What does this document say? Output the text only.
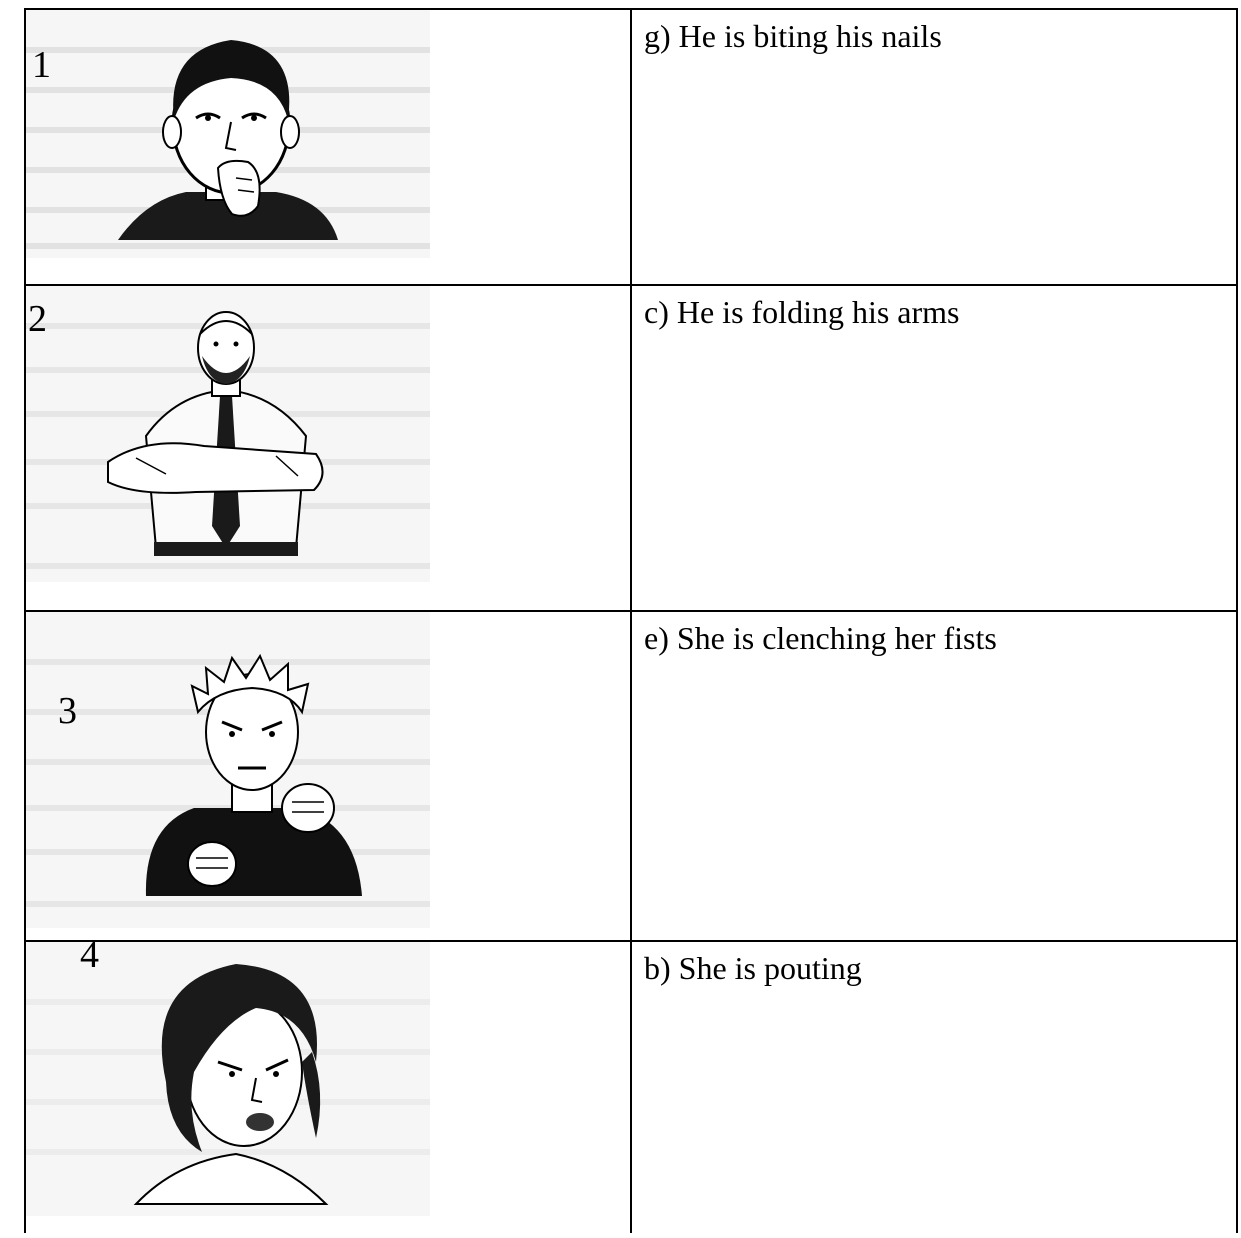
1	g) He is biting his nails

2	c) He is folding his arms

3	e) She is clenching her fists

4	b) She is pouting
